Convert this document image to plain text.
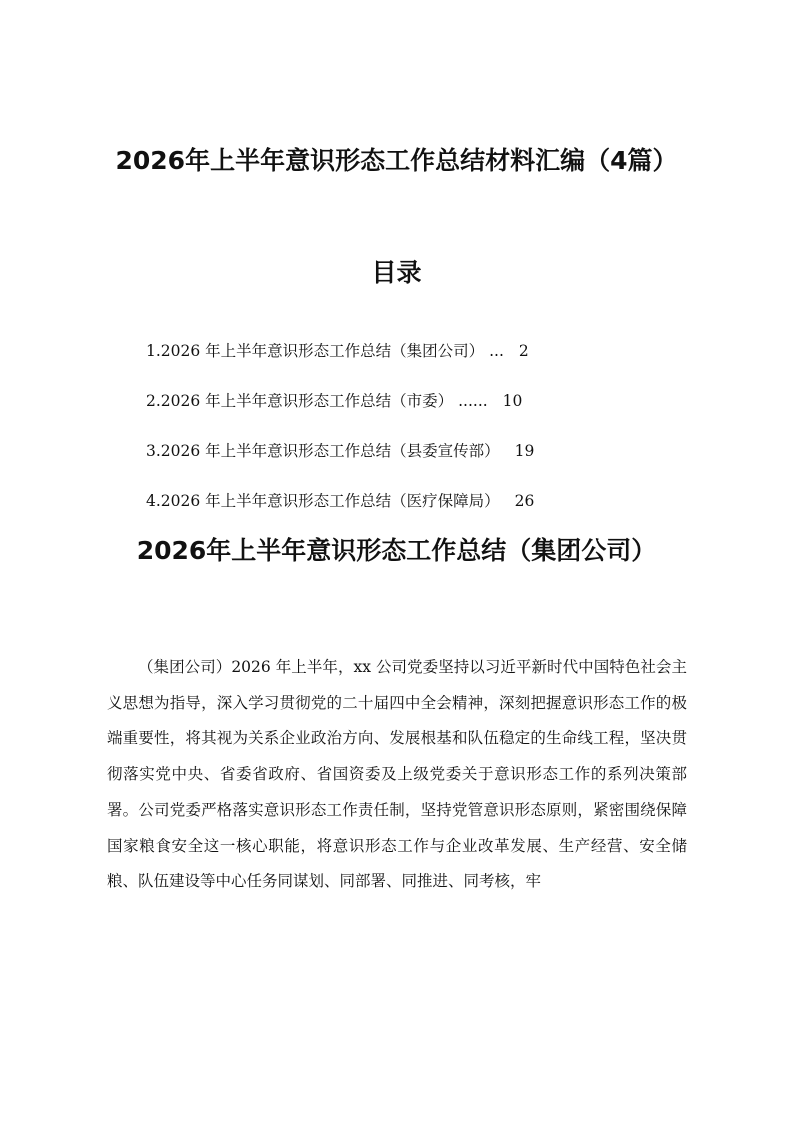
2026年上半年意识形态工作总结材料汇编（4篇）
目录
1.2026 年上半年意识形态工作总结（集团公司） ... 2
2.2026 年上半年意识形态工作总结（市委） ...... 10
3.2026 年上半年意识形态工作总结（县委宣传部） 19
4.2026 年上半年意识形态工作总结（医疗保障局） 26
2026年上半年意识形态工作总结（集团公司）

（集团公司）2026 年上半年，xx 公司党委坚持以习近平新时代中国特色社会主义思想为指导，深入学习贯彻党的二十届四中全会精神，深刻把握意识形态工作的极端重要性，将其视为关系企业政治方向、发展根基和队伍稳定的生命线工程，坚决贯彻落实党中央、省委省政府、省国资委及上级党委关于意识形态工作的系列决策部署。公司党委严格落实意识形态工作责任制，坚持党管意识形态原则，紧密围绕保障国家粮食安全这一核心职能，将意识形态工作与企业改革发展、生产经营、安全储粮、队伍建设等中心任务同谋划、同部署、同推进、同考核，牢
